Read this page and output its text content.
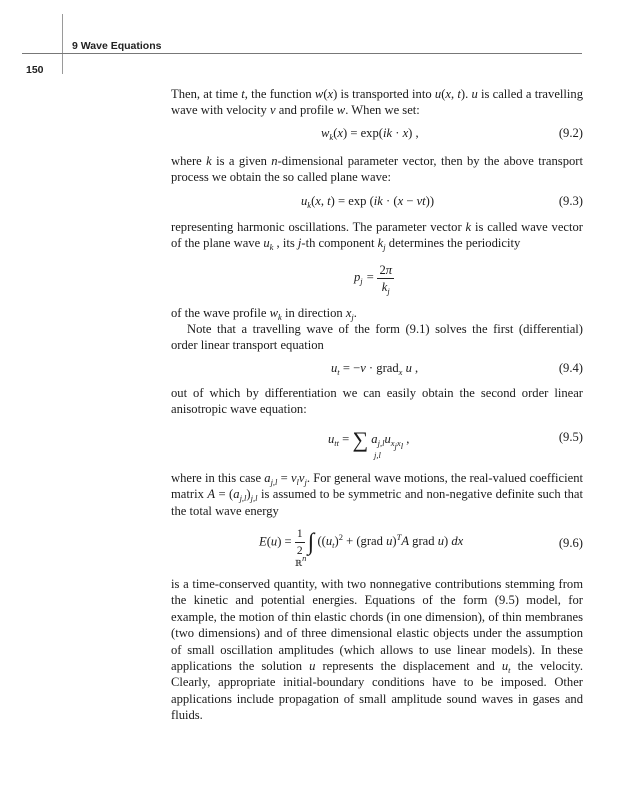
9 Wave Equations
150
Then, at time t, the function w(x) is transported into u(x, t). u is called a travelling wave with velocity v and profile w. When we set:
$w_k(x) = \exp(ik \cdot x)$ ,	(9.2)
where k is a given n-dimensional parameter vector, then by the above transport process we obtain the so called plane wave:
$u_k(x$, t) = exp (ik · (x − vt))	(9.3)
representing harmonic oscillations. The parameter vector k is called wave vector of the plane wave $u_k$ , its j-th component $k_j$ determines the periodicity
$p_j = \frac{2\pi}{k_j}$
of the wave profile $w_k$ in direction $x_j$.
Note that a travelling wave of the form (9.1) solves the first (differential) order linear transport equation
$u_t = -v$ · grad$_x$ u ,	(9.4)
out of which by differentiation we can easily obtain the second order linear anisotropic wave equation:
$u_{tt}$ = ∑ $a_{j,l}u_{x_jx_l}$ ,
j,l
(9.5)
where in this case $a_{j,l} = v_lv_j$. For general wave motions, the real-valued coefficient matrix $A = (a_{j,l})_{j,l}$ is assumed to be symmetric and non-negative definite such that the total wave energy
$E(u) = \frac{1}{2}$ ∫ ($(u_t)^2$ + (grad u)$^T$A grad u) dx
ℝ$^n$
(9.6)
is a time-conserved quantity, with two nonnegative contributions stemming from the kinetic and potential energies. Equations of the form (9.5) model, for example, the motion of thin elastic chords (in one dimension), of thin membranes (two dimensions) and of three dimensional elastic objects under the assumption of small oscillation amplitudes (which allows to use linear models). In these applications the solution u represents the displacement and $u_t$ the velocity. Clearly, appropriate initial-boundary conditions have to be imposed. Other applications include propagation of small amplitude sound waves in gases and fluids.
